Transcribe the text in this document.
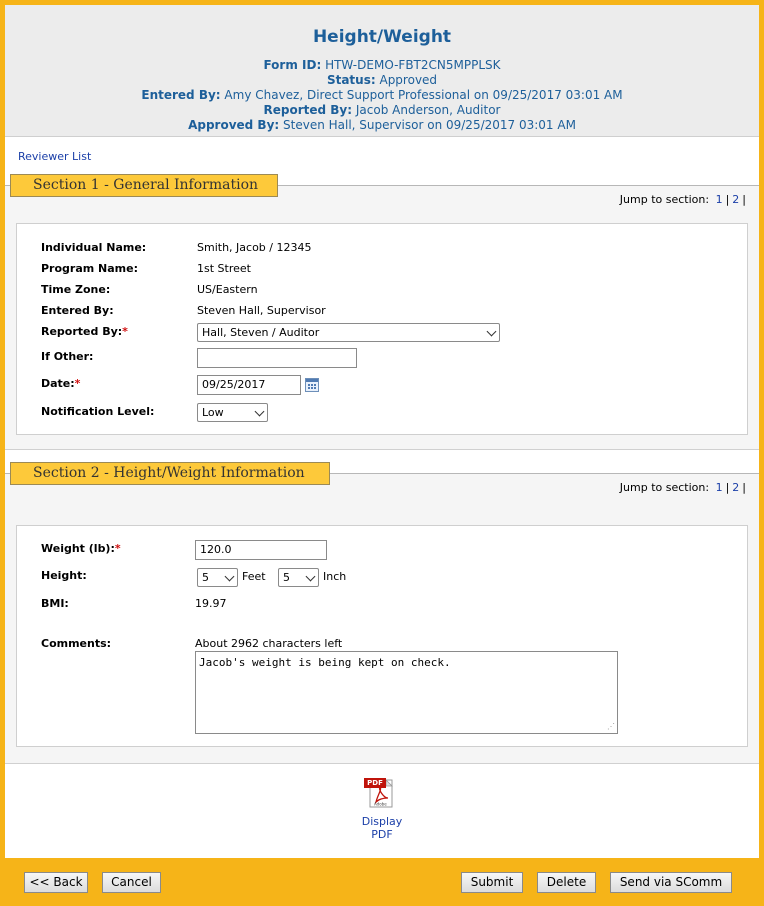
Height/Weight
Form ID: HTW-DEMO-FBT2CN5MPPLSK
Status: Approved
Entered By: Amy Chavez, Direct Support Professional on 09/25/2017 03:01 AM
Reported By: Jacob Anderson, Auditor
Approved By: Steven Hall, Supervisor on 09/25/2017 03:01 AM
Reviewer List
Section 1 - General Information
Jump to section: 1 | 2 |
Individual Name:	Smith, Jacob / 12345
Program Name:	1st Street
Time Zone:	US/Eastern
Entered By:	Steven Hall, Supervisor
Reported By:*	Hall, Steven / Auditor
If Other:
Date:*	09/25/2017
Notification Level:	Low
Section 2 - Height/Weight Information
Jump to section: 1 | 2 |
Weight (lb):*	120.0
Height:	5	Feet	5	Inch
BMI:	19.97
Comments:	About 2962 characters left
Jacob's weight is being kept on check.
⋰
Adobe
PDF
Display PDF
<< Back	Cancel	Submit	Delete	Send via SComm
